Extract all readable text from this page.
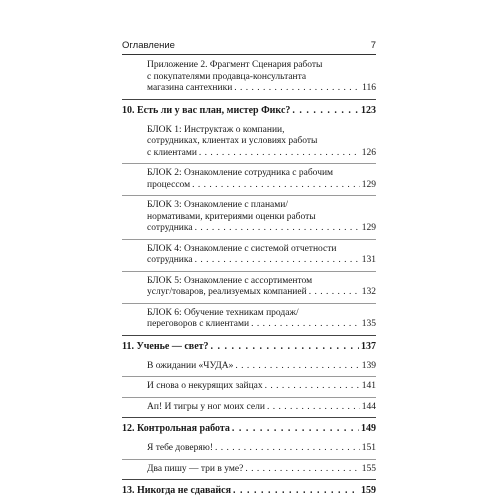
Оглавление	7
Приложение 2. Фрагмент Сценария работы
с покупателями продавца-консультанта
магазина сантехники . . .	116
10. Есть ли у вас план, мистер Фикс? . . .	123
БЛОК 1: Инструктаж о компании,
сотрудниках, клиентах и условиях работы
с клиентами . . .	126
БЛОК 2: Ознакомление сотрудника с рабочим
процессом . . .	129
БЛОК 3: Ознакомление с планами/
нормативами, критериями оценки работы
сотрудника . . .	129
БЛОК 4: Ознакомление с системой отчетности
сотрудника . . .	131
БЛОК 5: Ознакомление с ассортиментом
услуг/товаров, реализуемых компанией . . .	132
БЛОК 6: Обучение техникам продаж/
переговоров с клиентами . . .	135
11. Ученье — свет? . . .	137
В ожидании «ЧУДА» . . .	139
И снова о некурящих зайцах . . .	141
Ап! И тигры у ног моих сели . . .	144
12. Контрольная работа . . .	149
Я тебе доверяю! . . .	151
Два пишу — три в уме? . . .	155
13. Никогда не сдавайся . . .	159
